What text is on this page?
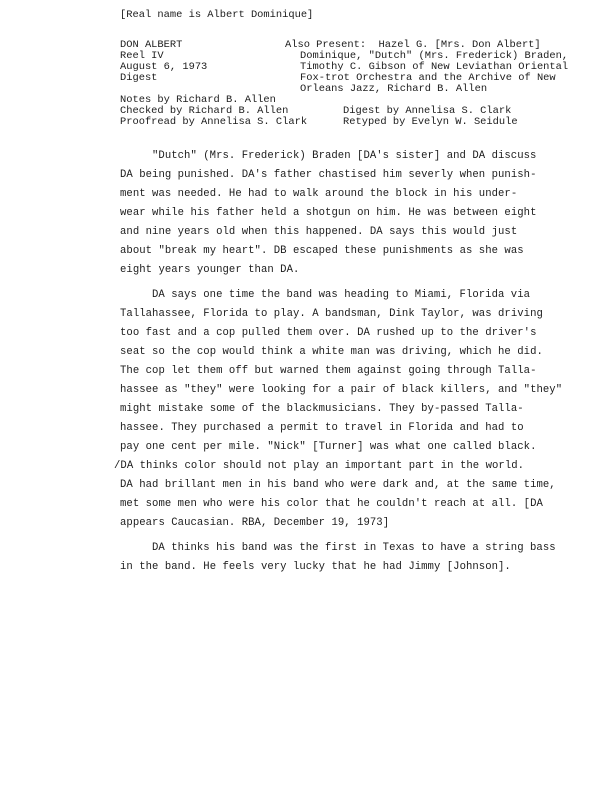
[Real name is Albert Dominique]
DON ALBERT
Reel IV
August 6, 1973
Digest
Also Present:  Hazel G. [Mrs. Don Albert]
Dominique, "Dutch" (Mrs. Frederick) Braden,
Timothy C. Gibson of New Leviathan Oriental
Fox-trot Orchestra and the Archive of New
Orleans Jazz, Richard B. Allen
Notes by Richard B. Allen
Checked by Richard B. Allen	Digest by Annelisa S. Clark
Proofread by Annelisa S. Clark	Retyped by Evelyn W. Seidule
"Dutch" (Mrs. Frederick) Braden [DA's sister] and DA discuss
DA being punished. DA's father chastised him severly when punish-
ment was needed. He had to walk around the block in his under-
wear while his father held a shotgun on him. He was between eight
and nine years old when this happened. DA says this would just
about "break my heart". DB escaped these punishments as she was
eight years younger than DA.
DA says one time the band was heading to Miami, Florida via
Tallahassee, Florida to play. A bandsman, Dink Taylor, was driving
too fast and a cop pulled them over. DA rushed up to the driver's
seat so the cop would think a white man was driving, which he did.
The cop let them off but warned them against going through Talla-
hassee as "they" were looking for a pair of black killers, and "they"
might mistake some of the blackmusicians. They by-passed Talla-
hassee. They purchased a permit to travel in Florida and had to
pay one cent per mile. "Nick" [Turner] was what one called black.
/DA thinks color should not play an important part in the world.
DA had brillant men in his band who were dark and, at the same time,
met some men who were his color that he couldn't reach at all. [DA
appears Caucasian. RBA, December 19, 1973]
DA thinks his band was the first in Texas to have a string bass
in the band. He feels very lucky that he had Jimmy [Johnson].
